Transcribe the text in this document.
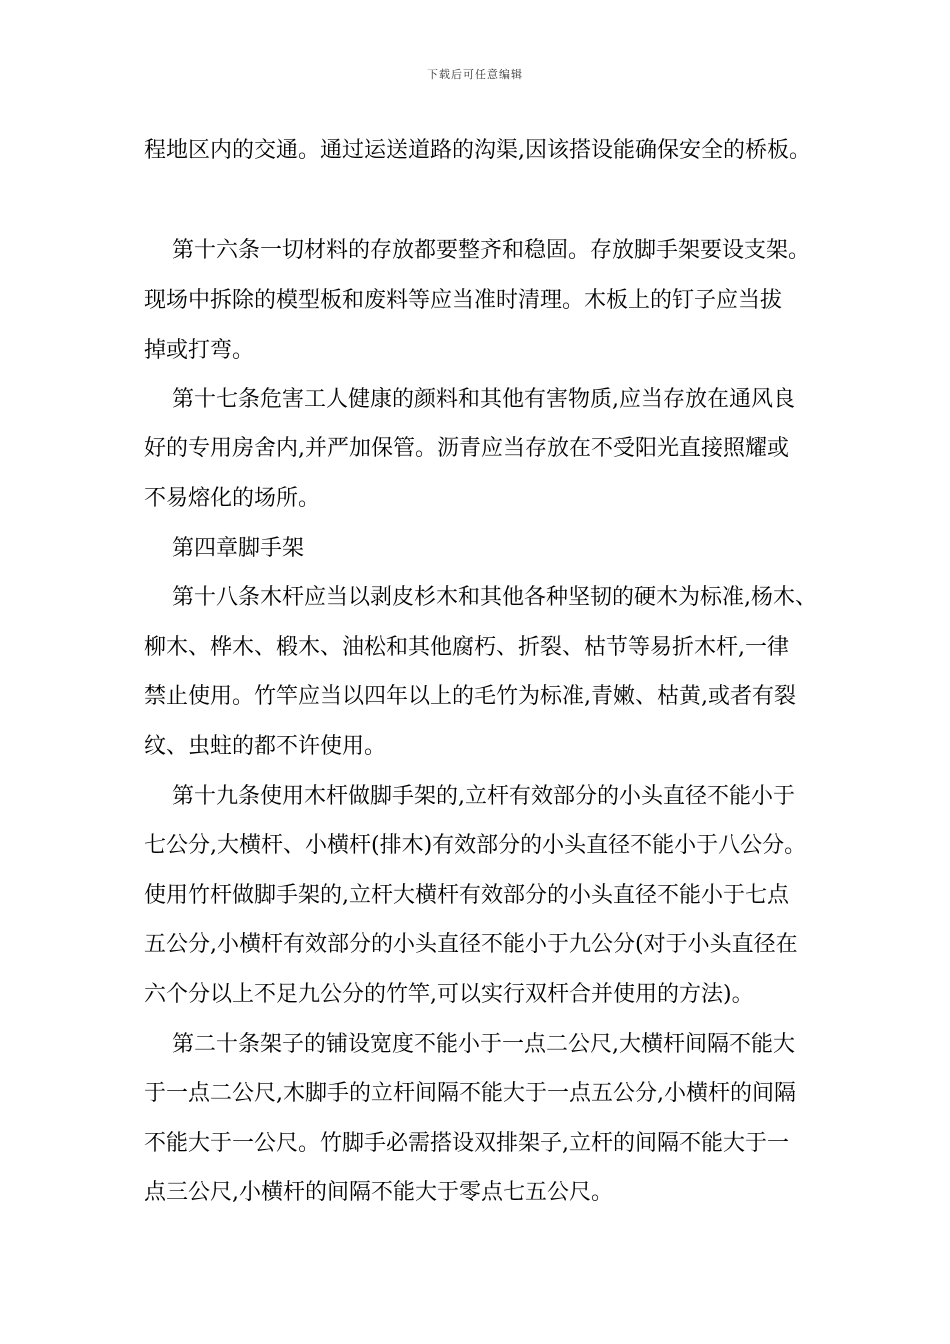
下载后可任意编辑
程地区内的交通。通过运送道路的沟渠,因该搭设能确保安全的桥板。
第十六条一切材料的存放都要整齐和稳固。存放脚手架要设支架。
现场中拆除的模型板和废料等应当准时清理。木板上的钉子应当拔
掉或打弯。
第十七条危害工人健康的颜料和其他有害物质,应当存放在通风良
好的专用房舍内,并严加保管。沥青应当存放在不受阳光直接照耀或
不易熔化的场所。
第四章脚手架
第十八条木杆应当以剥皮杉木和其他各种坚韧的硬木为标准,杨木、
柳木、桦木、椴木、油松和其他腐朽、折裂、枯节等易折木杆,一律
禁止使用。竹竿应当以四年以上的毛竹为标准,青嫩、枯黄,或者有裂
纹、虫蛀的都不许使用。
第十九条使用木杆做脚手架的,立杆有效部分的小头直径不能小于
七公分,大横杆、小横杆(排木)有效部分的小头直径不能小于八公分。
使用竹杆做脚手架的,立杆大横杆有效部分的小头直径不能小于七点
五公分,小横杆有效部分的小头直径不能小于九公分(对于小头直径在
六个分以上不足九公分的竹竿,可以实行双杆合并使用的方法)。
第二十条架子的铺设宽度不能小于一点二公尺,大横杆间隔不能大
于一点二公尺,木脚手的立杆间隔不能大于一点五公分,小横杆的间隔
不能大于一公尺。竹脚手必需搭设双排架子,立杆的间隔不能大于一
点三公尺,小横杆的间隔不能大于零点七五公尺。
